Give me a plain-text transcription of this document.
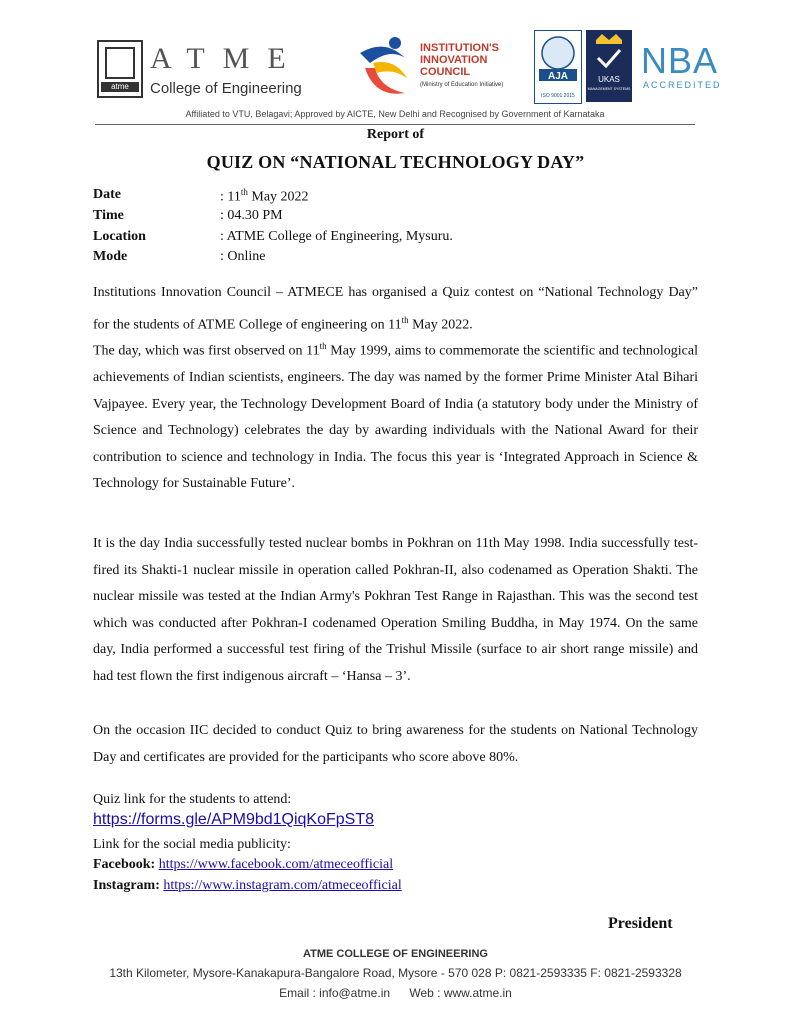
atme
ATME
College of Engineering
INSTITUTION'S
INNOVATION
COUNCIL
(Ministry of Education Initiative)
AJA
ISO 9001:2015
UKAS
MANAGEMENT SYSTEMS
NBA
ACCREDITED
Affiliated to VTU, Belagavi; Approved by AICTE, New Delhi and Recognised by Government of Karnataka
Report of
QUIZ ON “NATIONAL TECHNOLOGY DAY”
Date	: 11th May 2022
Time	: 04.30 PM
Location	: ATME College of Engineering, Mysuru.
Mode	: Online

Institutions Innovation Council – ATMECE has organised a Quiz contest on “National Technology Day” for the students of ATME College of engineering on 11th May 2022.

The day, which was first observed on 11th May 1999, aims to commemorate the scientific and technological achievements of Indian scientists, engineers. The day was named by the former Prime Minister Atal Bihari Vajpayee. Every year, the Technology Development Board of India (a statutory body under the Ministry of Science and Technology) celebrates the day by awarding individuals with the National Award for their contribution to science and technology in India. The focus this year is ‘Integrated Approach in Science & Technology for Sustainable Future’.

It is the day India successfully tested nuclear bombs in Pokhran on 11th May 1998. India successfully test-fired its Shakti-1 nuclear missile in operation called Pokhran-II, also codenamed as Operation Shakti. The nuclear missile was tested at the Indian Army's Pokhran Test Range in Rajasthan. This was the second test which was conducted after Pokhran-I codenamed Operation Smiling Buddha, in May 1974. On the same day, India performed a successful test firing of the Trishul Missile (surface to air short range missile) and had test flown the first indigenous aircraft – ‘Hansa – 3’.

On the occasion IIC decided to conduct Quiz to bring awareness for the students on National Technology Day and certificates are provided for the participants who score above 80%.

Quiz link for the students to attend:
https://forms.gle/APM9bd1QiqKoFpST8
Link for the social media publicity:
Facebook: https://www.facebook.com/atmeceofficial
Instagram: https://www.instagram.com/atmeceofficial
President
ATME COLLEGE OF ENGINEERING
13th Kilometer, Mysore-Kanakapura-Bangalore Road, Mysore - 570 028 P: 0821-2593335 F: 0821-2593328
Email : info@atme.in Web : www.atme.in
